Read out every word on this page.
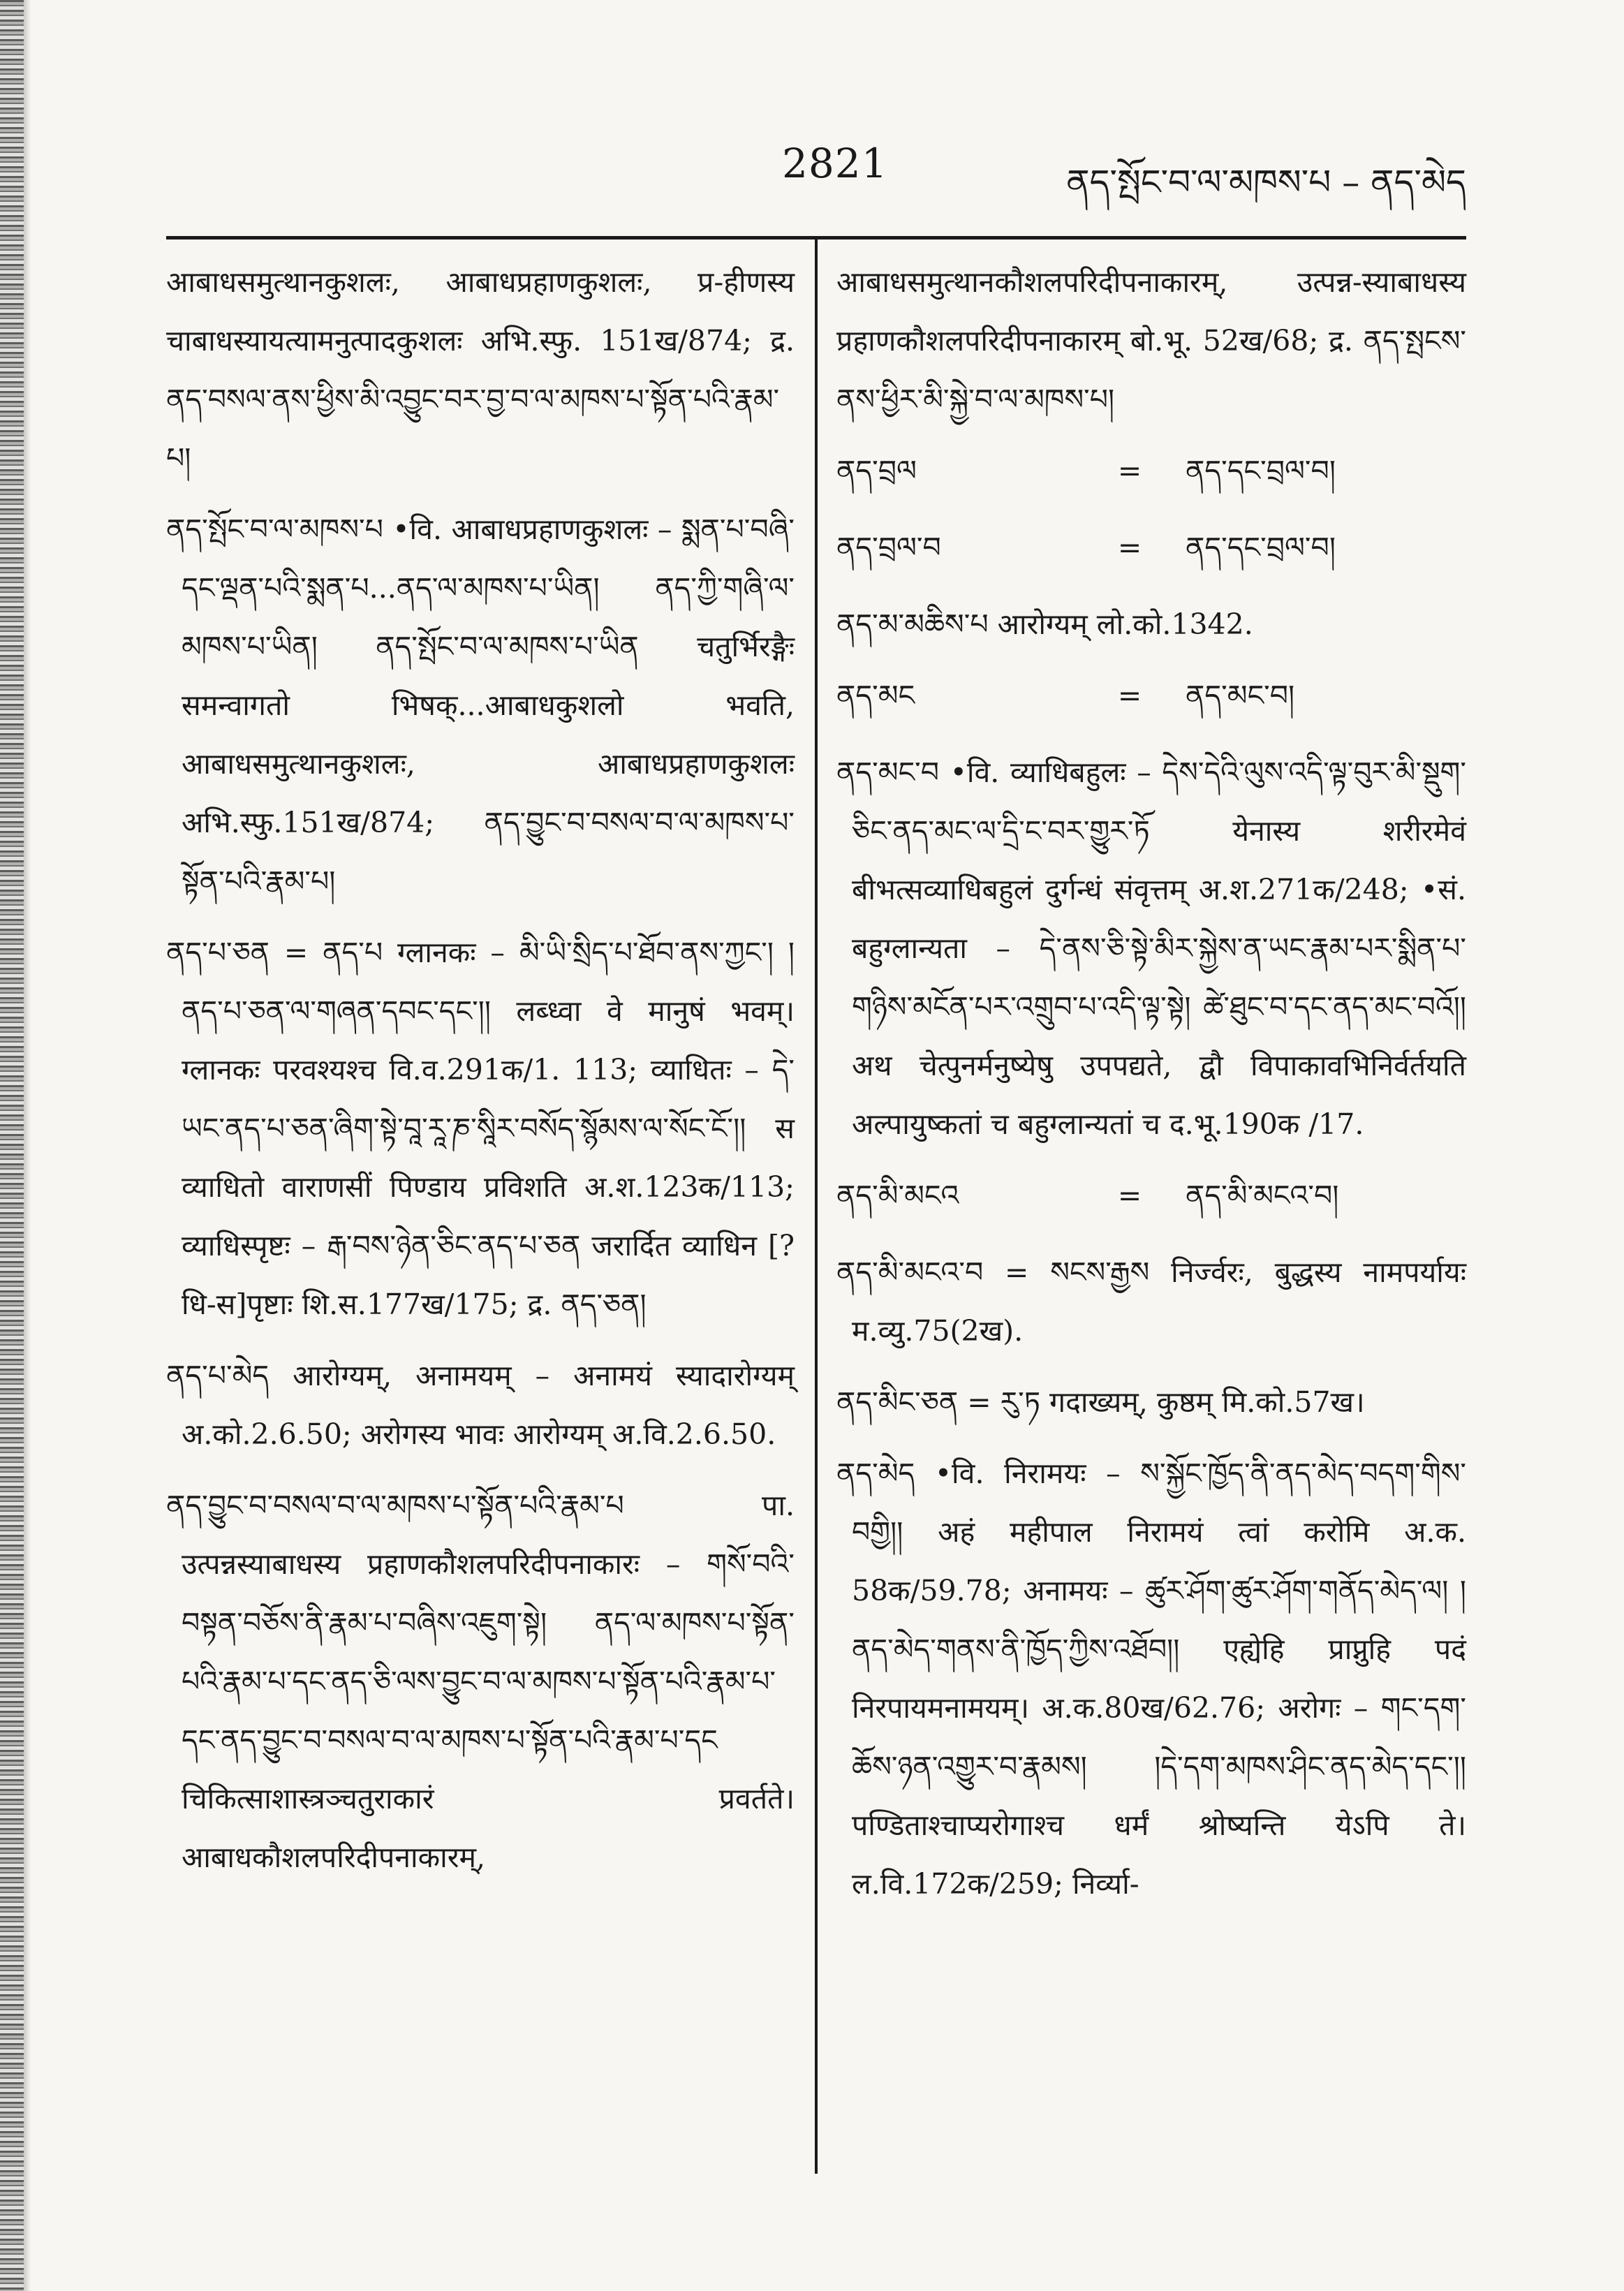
2821	ནད་སྤོང་བ་ལ་མཁས་པ – ནད་མེད

आबाधसमुत्थानकुशलः, आबाधप्रहाणकुशलः, प्र-हीणस्य चाबाधस्यायत्यामनुत्पादकुशलः अभि.स्फु. 151ख/874; द्र. ནད་བསལ་ནས་ཕྱིས་མི་འབྱུང་བར་བྱ་བ་ལ་མཁས་པ་སྟོན་པའི་རྣམ་པ།

ནད་སྤོང་བ་ལ་མཁས་པ •वि. आबाधप्रहाणकुशलः – སྨན་པ་བཞི་དང་ལྡན་པའི་སྨན་པ...ནད་ལ་མཁས་པ་ཡིན། ནད་ཀྱི་གཞི་ལ་མཁས་པ་ཡིན། ནད་སྤོང་བ་ལ་མཁས་པ་ཡིན चतुर्भिरङ्गैः समन्वागतो भिषक्...आबाधकुशलो भवति, आबाधसमुत्थानकुशलः, आबाधप्रहाणकुशलः अभि.स्फु.151ख/874; ནད་བྱུང་བ་བསལ་བ་ལ་མཁས་པ་སྟོན་པའི་རྣམ་པ།

ནད་པ་ཅན = ནད་པ ग्लानकः – མི་ཡི་སྲིད་པ་ཐོབ་ནས་ཀྱང་། །ནད་པ་ཅན་ལ་གཞན་དབང་དང་།། लब्ध्वा वे मानुषं भवम्। ग्लानकः परवश्यश्च वि.व.291क/1. 113; व्याधितः – དེ་ཡང་ནད་པ་ཅན་ཞིག་སྟེ་བཱ་རཱ་ཎ་སཱིར་བསོད་སྙོམས་ལ་སོང་ངོ་།། स व्याधितो वाराणसीं पिण्डाय प्रविशति अ.श.123क/113; व्याधिस्पृष्टः – རྒ་བས་ཉེན་ཅིང་ནད་པ་ཅན जरार्दित व्याधिन [? धि-स]पृष्टाः शि.स.177ख/175; द्र. ནད་ཅན།

ནད་པ་མེད आरोग्यम्, अनामयम् – अनामयं स्यादारोग्यम् अ.को.2.6.50; अरोगस्य भावः आरोग्यम् अ.वि.2.6.50.

ནད་བྱུང་བ་བསལ་བ་ལ་མཁས་པ་སྟོན་པའི་རྣམ་པ पा. उत्पन्नस्याबाधस्य प्रहाणकौशलपरिदीपनाकारः – གསོ་བའི་བསྟན་བཅོས་ནི་རྣམ་པ་བཞིས་འཇུག་སྟེ། ནད་ལ་མཁས་པ་སྟོན་པའི་རྣམ་པ་དང་ནད་ཅི་ལས་བྱུང་བ་ལ་མཁས་པ་སྟོན་པའི་རྣམ་པ་དང་ནད་བྱུང་བ་བསལ་བ་ལ་མཁས་པ་སྟོན་པའི་རྣམ་པ་དང चिकित्साशास्त्रञ्चतुराकारं प्रवर्तते। आबाधकौशलपरिदीपनाकारम्,

आबाधसमुत्थानकौशलपरिदीपनाकारम्, उत्पन्न-स्याबाधस्य प्रहाणकौशलपरिदीपनाकारम् बो.भू. 52ख/68; द्र. ནད་སྤངས་ནས་ཕྱིར་མི་སྐྱེ་བ་ལ་མཁས་པ།

ནད་བྲལ	=	ནད་དང་བྲལ་བ།
ནད་བྲལ་བ	=	ནད་དང་བྲལ་བ།

ནད་མ་མཆིས་པ आरोग्यम् लो.को.1342.

ནད་མང	=	ནད་མང་བ།

ནད་མང་བ •वि. व्याधिबहुलः – དེས་དེའི་ལུས་འདི་ལྟ་བུར་མི་སྡུག་ཅིང་ནད་མང་ལ་དྲི་ང་བར་གྱུར་ཏོ येनास्य शरीरमेवं बीभत्सव्याधिबहुलं दुर्गन्धं संवृत्तम् अ.श.271क/248; •सं. बहुग्लान्यता – དེ་ནས་ཅི་སྟེ་མིར་སྐྱེས་ན་ཡང་རྣམ་པར་སྨིན་པ་གཉིས་མངོན་པར་འགྲུབ་པ་འདི་ལྟ་སྟེ། ཚེ་ཐུང་བ་དང་ནད་མང་བའོ།། अथ चेत्पुनर्मनुष्येषु उपपद्यते, द्वौ विपाकावभिनिर्वर्तयति अल्पायुष्कतां च बहुग्लान्यतां च द.भू.190क /17.

ནད་མི་མངའ	=	ནད་མི་མངའ་བ།

ནད་མི་མངའ་བ = སངས་རྒྱས निर्ज्वरः, बुद्धस्य नामपर्यायः म.व्यु.75(2ख).

ནད་མིང་ཅན = རུ་ཏ गदाख्यम्, कुष्ठम् मि.को.57ख।

ནད་མེད •वि. निरामयः – ས་སྐྱོང་ཁྱོད་ནི་ནད་མེད་བདག་གིས་བགྱི།། अहं महीपाल निरामयं त्वां करोमि अ.क. 58क/59.78; अनामयः – ཚུར་ཤོག་ཚུར་ཤོག་གནོད་མེད་ལ། །ནད་མེད་གནས་ནི་ཁྱོད་ཀྱིས་འཐོབ།། एह्येहि प्राप्नुहि पदं निरपायमनामयम्। अ.क.80ख/62.76; अरोगः – གང་དག་ཆོས་ཉན་འགྱུར་བ་རྣམས། །དེ་དག་མཁས་ཤིང་ནད་མེད་དང་།། पण्डिताश्चाप्यरोगाश्च धर्मं श्रोष्यन्ति येऽपि ते। ल.वि.172क/259; निर्व्या-
